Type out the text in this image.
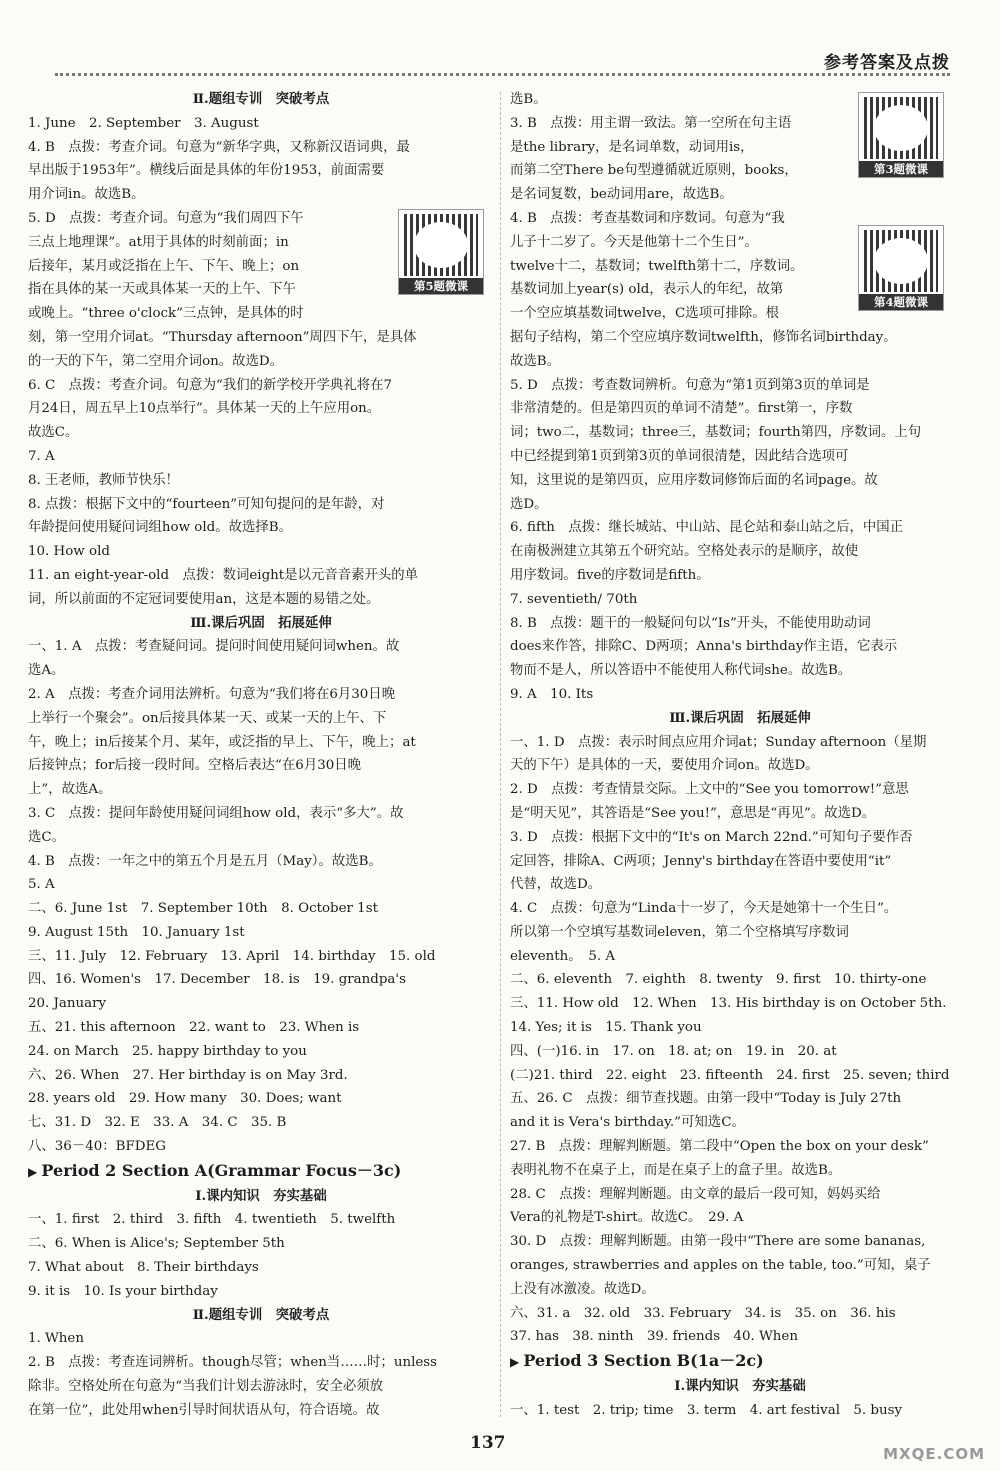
参考答案及点拨

Ⅱ.题组专训　突破考点

1. June　2. September　3. August

4. B　点拨：考查介词。句意为“新华字典，又称新汉语词典，最

早出版于1953年”。横线后面是具体的年份1953，前面需要

用介词in。故选B。

5. D　点拨：考查介词。句意为“我们周四下午

三点上地理课”。at用于具体的时刻前面；in

后接年，某月或泛指在上午、下午、晚上；on

指在具体的某一天或具体某一天的上午、下午

或晚上。“three o'clock”三点钟，是具体的时

刻，第一空用介词at。“Thursday afternoon”周四下午，是具体

的一天的下午，第二空用介词on。故选D。

6. C　点拨：考查介词。句意为“我们的新学校开学典礼将在7

月24日，周五早上10点举行”。具体某一天的上午应用on。

故选C。

7. A

8. 王老师，教师节快乐！

8. 点拨：根据下文中的“fourteen”可知句提问的是年龄，对

年龄提问使用疑问词组how old。故选择B。

10. How old

11. an eight-year-old　点拨：数词eight是以元音音素开头的单

词，所以前面的不定冠词要使用an，这是本题的易错之处。

Ⅲ.课后巩固　拓展延伸

一、1. A　点拨：考查疑问词。提问时间使用疑问词when。故

选A。

2. A　点拨：考查介词用法辨析。句意为“我们将在6月30日晚

上举行一个聚会”。on后接具体某一天、或某一天的上午、下

午，晚上；in后接某个月、某年，或泛指的早上、下午，晚上；at

后接钟点；for后接一段时间。空格后表达“在6月30日晚

上”，故选A。

3. C　点拨：提问年龄使用疑问词组how old，表示“多大”。故

选C。

4. B　点拨：一年之中的第五个月是五月（May）。故选B。

5. A

二、6. June 1st　7. September 10th　8. October 1st

9. August 15th　10. January 1st

三、11. July　12. February　13. April　14. birthday　15. old

四、16. Women's　17. December　18. is　19. grandpa's

20. January

五、21. this afternoon　22. want to　23. When is

24. on March　25. happy birthday to you

六、26. When　27. Her birthday is on May 3rd.

28. years old　29. How many　30. Does; want

七、31. D　32. E　33. A　34. C　35. B

八、36－40：BFDEG

▶ Period 2 Section A(Grammar Focus－3c)

Ⅰ.课内知识　夯实基础

一、1. first　2. third　3. fifth　4. twentieth　5. twelfth

二、6. When is Alice's; September 5th

7. What about　8. Their birthdays

9. it is　10. Is your birthday

Ⅱ.题组专训　突破考点

1. When

2. B　点拨：考查连词辨析。though尽管；when当……时；unless

除非。空格处所在句意为“当我们计划去游泳时，安全必须放

在第一位”，此处用when引导时间状语从句，符合语境。故

选B。

3. B　点拨：用主谓一致法。第一空所在句主语

是the library，是名词单数，动词用is，

而第二空There be句型遵循就近原则，books，

是名词复数，be动词用are，故选B。

4. B　点拨：考查基数词和序数词。句意为“我

儿子十二岁了。今天是他第十二个生日”。

twelve十二，基数词；twelfth第十二，序数词。

基数词加上year(s) old，表示人的年纪，故第

一个空应填基数词twelve，C选项可排除。根

据句子结构，第二个空应填序数词twelfth，修饰名词birthday。

故选B。

5. D　点拨：考查数词辨析。句意为“第1页到第3页的单词是

非常清楚的。但是第四页的单词不清楚”。first第一，序数

词；two二，基数词；three三，基数词；fourth第四，序数词。上句

中已经提到第1页到第3页的单词很清楚，因此结合选项可

知，这里说的是第四页，应用序数词修饰后面的名词page。故

选D。

6. fifth　点拨：继长城站、中山站、昆仑站和泰山站之后，中国正

在南极洲建立其第五个研究站。空格处表示的是顺序，故使

用序数词。five的序数词是fifth。

7. seventieth/ 70th

8. B　点拨：题干的一般疑问句以“Is”开头，不能使用助动词

does来作答，排除C、D两项；Anna's birthday作主语，它表示

物而不是人，所以答语中不能使用人称代词she。故选B。

9. A　10. Its

Ⅲ.课后巩固　拓展延伸

一、1. D　点拨：表示时间点应用介词at；Sunday afternoon（星期

天的下午）是具体的一天，要使用介词on。故选D。

2. D　点拨：考查情景交际。上文中的“See you tomorrow!”意思

是“明天见”，其答语是“See you!”，意思是“再见”。故选D。

3. D　点拨：根据下文中的“It's on March 22nd.”可知句子要作否

定回答，排除A、C两项；Jenny's birthday在答语中要使用“it”

代替，故选D。

4. C　点拨：句意为“Linda十一岁了，今天是她第十一个生日”。

所以第一个空填写基数词eleven，第二个空格填写序数词

eleventh。　5. A

二、6. eleventh　7. eighth　8. twenty　9. first　10. thirty-one

三、11. How old　12. When　13. His birthday is on October 5th.

14. Yes; it is　15. Thank you

四、(一)16. in　17. on　18. at; on　19. in　20. at

(二)21. third　22. eight　23. fifteenth　24. first　25. seven; third

五、26. C　点拨：细节查找题。由第一段中“Today is July 27th

and it is Vera's birthday.”可知选C。

27. B　点拨：理解判断题。第二段中“Open the box on your desk”

表明礼物不在桌子上，而是在桌子上的盒子里。故选B。

28. C　点拨：理解判断题。由文章的最后一段可知，妈妈买给

Vera的礼物是T-shirt。故选C。　29. A

30. D　点拨：理解判断题。由第一段中“There are some bananas,

oranges, strawberries and apples on the table, too.”可知，桌子

上没有冰激凌。故选D。

六、31. a　32. old　33. February　34. is　35. on　36. his

37. has　38. ninth　39. friends　40. When

▶ Period 3 Section B(1a－2c)

Ⅰ.课内知识　夯实基础

一、1. test　2. trip; time　3. term　4. art festival　5. busy

第5题微课
第3题微课
第4题微课
137
MXQE.COM
